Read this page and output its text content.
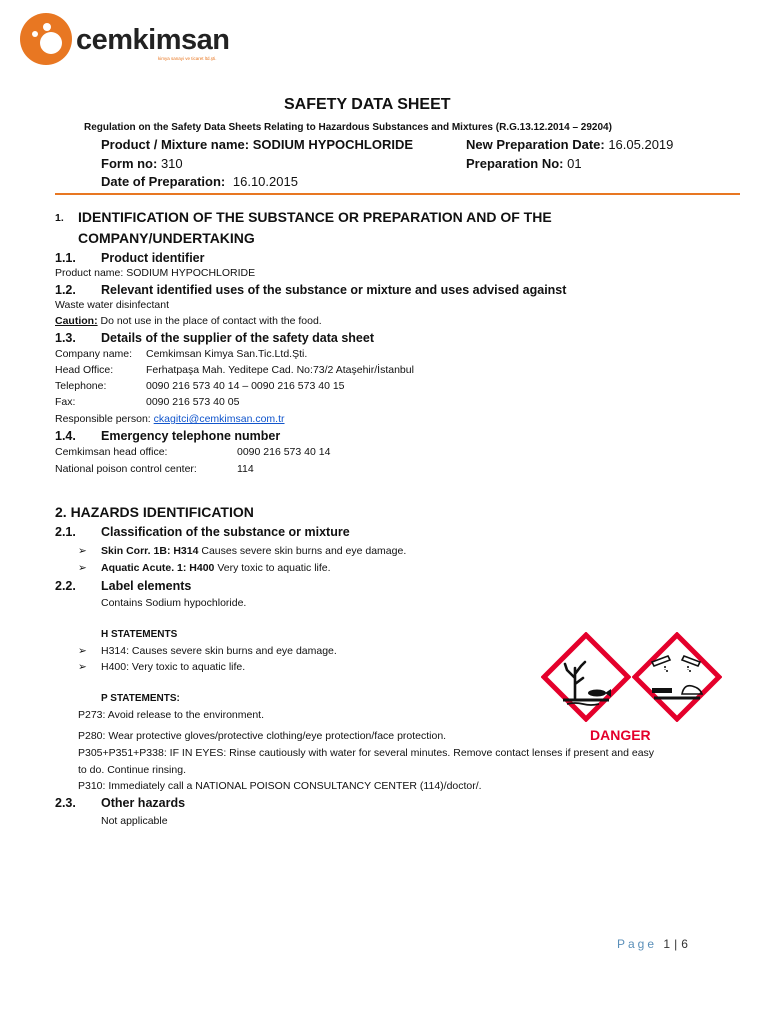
cemkimsan
kimya sanayi ve ticaret ltd.şti.
SAFETY DATA SHEET
Regulation on the Safety Data Sheets Relating to Hazardous Substances and Mixtures (R.G.13.12.2014 – 29204)
Product / Mixture name: SODIUM HYPOCHLORIDE	New Preparation Date: 16.05.2019
Form no: 310	Preparation No: 01
Date of Preparation: 16.10.2015
1. IDENTIFICATION OF THE SUBSTANCE OR PREPARATION AND OF THE
COMPANY/UNDERTAKING
1.1. Product identifier
Product name: SODIUM HYPOCHLORIDE
1.2. Relevant identified uses of the substance or mixture and uses advised against
Waste water disinfectant
Caution: Do not use in the place of contact with the food.
1.3. Details of the supplier of the safety data sheet
Company name: Cemkimsan Kimya San.Tic.Ltd.Şti.
Head Office:	Ferhatpaşa Mah. Yeditepe Cad. No:73/2 Ataşehir/İstanbul
Telephone:	0090 216 573 40 14 – 0090 216 573 40 15
Fax:	0090 216 573 40 05
Responsible person: ckagitci@cemkimsan.com.tr
1.4. Emergency telephone number
Cemkimsan head office:	0090 216 573 40 14
National poison control center:	114
2. HAZARDS IDENTIFICATION
2.1. Classification of the substance or mixture
➢ Skin Corr. 1B: H314 Causes severe skin burns and eye damage.
➢ Aquatic Acute. 1: H400 Very toxic to aquatic life.
2.2. Label elements
Contains Sodium hypochloride.
H STATEMENTS
➢ H314: Causes severe skin burns and eye damage.
➢ H400: Very toxic to aquatic life.
P STATEMENTS:
P273: Avoid release to the environment.
P280: Wear protective gloves/protective clothing/eye protection/face protection.
P305+P351+P338: IF IN EYES: Rinse cautiously with water for several minutes. Remove contact lenses if present and easy
to do. Continue rinsing.
P310: Immediately call a NATIONAL POISON CONSULTANCY CENTER (114)/doctor/.
DANGER
2.3. Other hazards
Not applicable
Page 1 | 6
